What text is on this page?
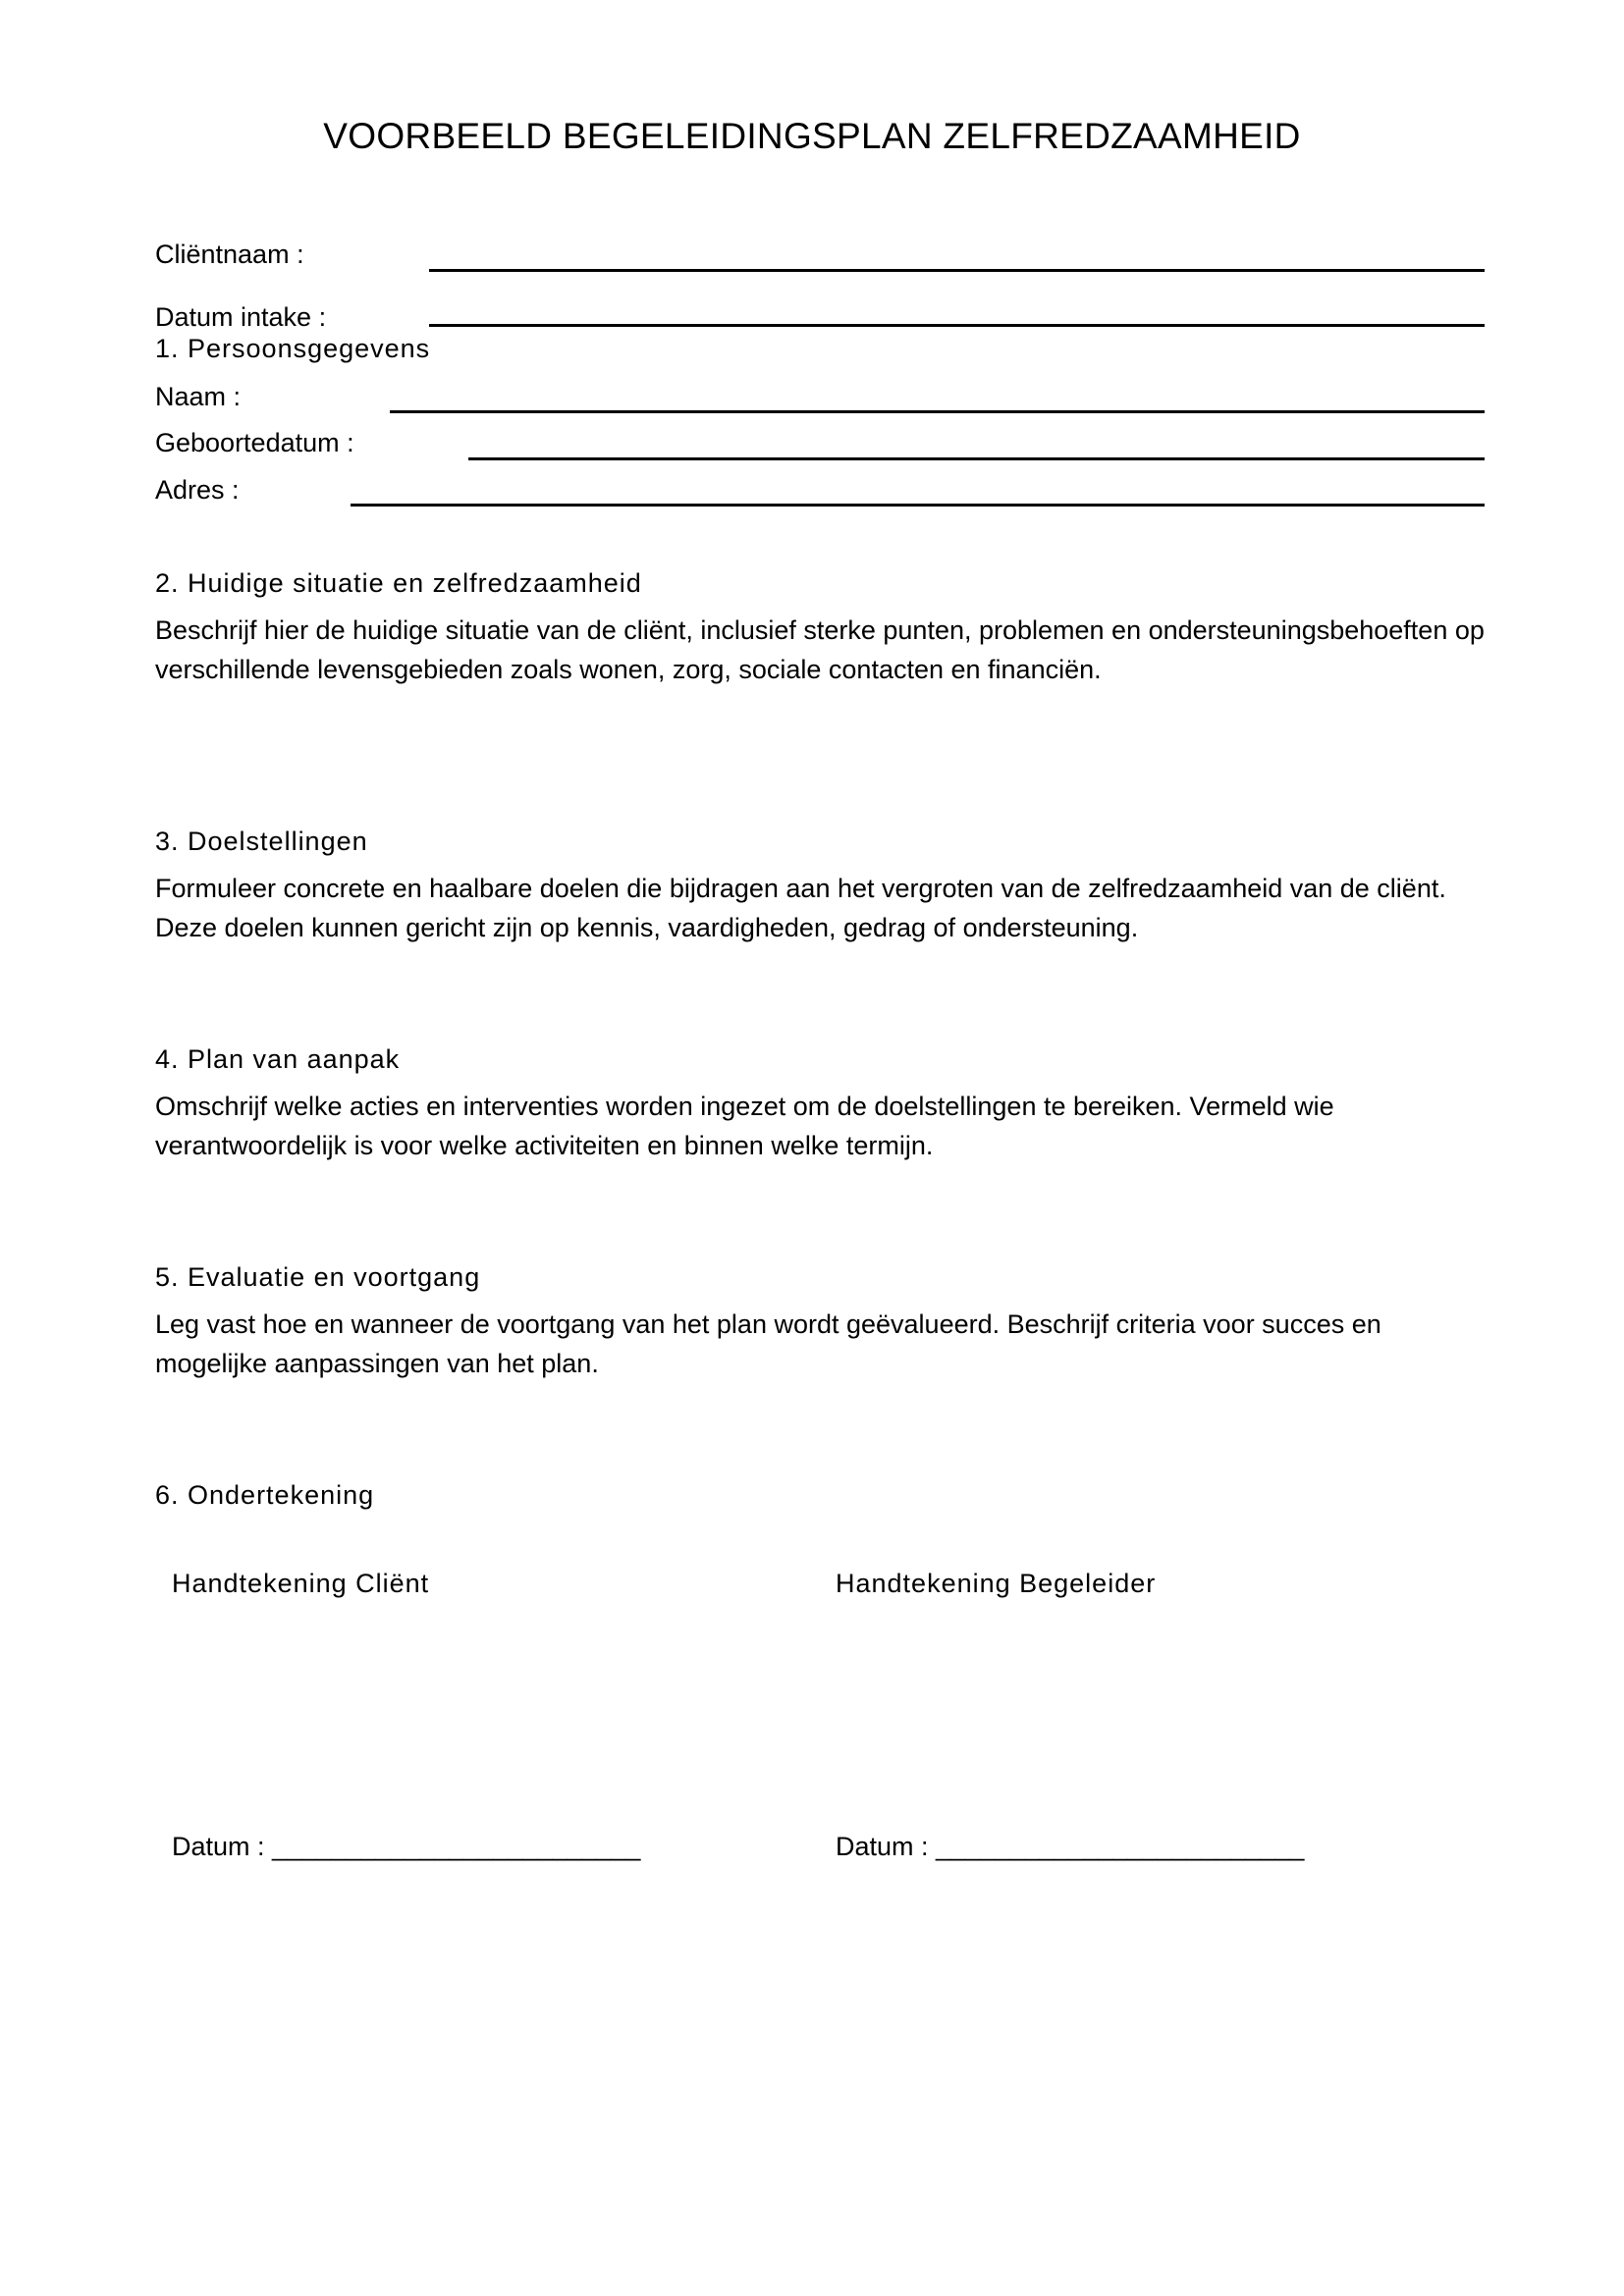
VOORBEELD BEGELEIDINGSPLAN ZELFREDZAAMHEID
Cliëntnaam :
Datum intake :
1. Persoonsgegevens
Naam :
Geboortedatum :
Adres :
2. Huidige situatie en zelfredzaamheid
Beschrijf hier de huidige situatie van de cliënt, inclusief sterke punten, problemen en ondersteuningsbehoeften op verschillende levensgebieden zoals wonen, zorg, sociale contacten en financiën.
3. Doelstellingen
Formuleer concrete en haalbare doelen die bijdragen aan het vergroten van de zelfredzaamheid van de cliënt. Deze doelen kunnen gericht zijn op kennis, vaardigheden, gedrag of ondersteuning.
4. Plan van aanpak
Omschrijf welke acties en interventies worden ingezet om de doelstellingen te bereiken. Vermeld wie verantwoordelijk is voor welke activiteiten en binnen welke termijn.
5. Evaluatie en voortgang
Leg vast hoe en wanneer de voortgang van het plan wordt geëvalueerd. Beschrijf criteria voor succes en mogelijke aanpassingen van het plan.
6. Ondertekening
Handtekening Cliënt	Handtekening Begeleider
Datum : _________________________	Datum : _________________________
